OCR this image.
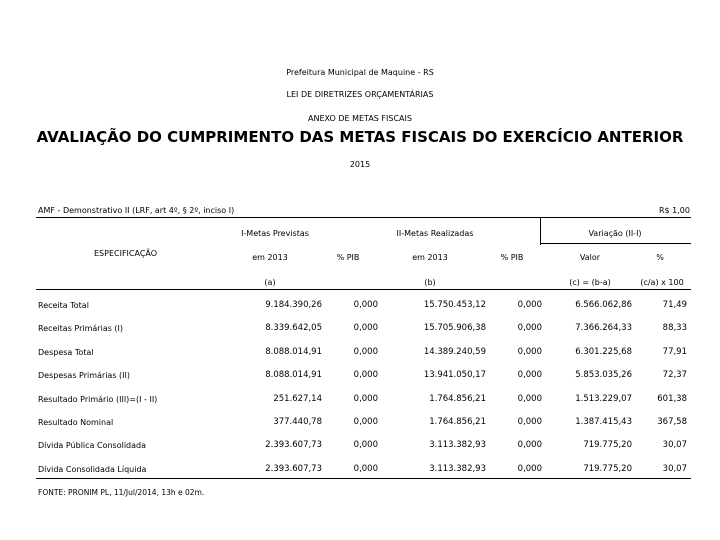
Prefeitura Municipal de Maquine - RS
LEI DE DIRETRIZES ORÇAMENTÁRIAS
ANEXO DE METAS FISCAIS
AVALIAÇÃO DO CUMPRIMENTO DAS METAS FISCAIS DO EXERCÍCIO ANTERIOR
2015
AMF - Demonstrativo II (LRF, art 4º, § 2º, inciso I)	R$ 1,00
ESPECIFICAÇÃO
I-Metas Previstas	II-Metas Realizadas	Variação (II-I)
em 2013	% PIB	em 2013	% PIB	Valor	%
(a)	(b)	(c) = (b-a)	(c/a) x 100
Receita Total	9.184.390,26	0,000	15.750.453,12	0,000	6.566.062,86	71,49
Receitas Primárias (I)	8.339.642,05	0,000	15.705.906,38	0,000	7.366.264,33	88,33
Despesa Total	8.088.014,91	0,000	14.389.240,59	0,000	6.301.225,68	77,91
Despesas Primárias (II)	8.088.014,91	0,000	13.941.050,17	0,000	5.853.035,26	72,37
Resultado Primário (III)=(I - II)	251.627,14	0,000	1.764.856,21	0,000	1.513.229,07	601,38
Resultado Nominal	377.440,78	0,000	1.764.856,21	0,000	1.387.415,43	367,58
Dívida Pública Consolidada	2.393.607,73	0,000	3.113.382,93	0,000	719.775,20	30,07
Dívida Consolidada Líquida	2.393.607,73	0,000	3.113.382,93	0,000	719.775,20	30,07
FONTE: PRONIM PL, 11/Jul/2014, 13h e 02m.
